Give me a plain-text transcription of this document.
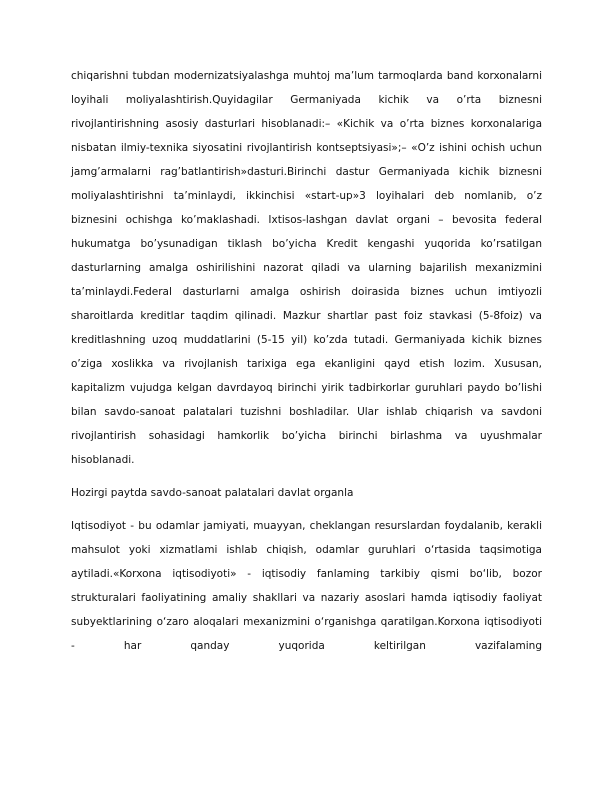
chiqarishni tubdan modernizatsiyalashga muhtoj ma’lum tarmoqlarda band korxonalarni loyihali moliyalashtirish.Quyidagilar Germaniyada kichik va o’rta biznesni rivojlantirishning asosiy dasturlari hisoblanadi:– «Kichik va o’rta biznes korxonalariga nisbatan ilmiy-texnika siyosatini rivojlantirish kontseptsiyasi»;– «O’z ishini ochish uchun jamg’armalarni rag’batlantirish»dasturi.Birinchi dastur Germaniyada kichik biznesni moliyalashtirishni ta’minlaydi, ikkinchisi «start-up»3 loyihalari deb nomlanib, o’z biznesini ochishga ko’maklashadi. Ixtisos-lashgan davlat organi – bevosita federal hukumatga bo’ysunadigan tiklash bo’yicha Kredit kengashi yuqorida ko’rsatilgan dasturlarning amalga oshirilishini nazorat qiladi va ularning bajarilish mexanizmini ta’minlaydi.Federal dasturlarni amalga oshirish doirasida biznes uchun imtiyozli sharoitlarda kreditlar taqdim qilinadi. Mazkur shartlar past foiz stavkasi (5-8foiz) va kreditlashning uzoq muddatlarini (5-15 yil) ko’zda tutadi. Germaniyada kichik biznes o’ziga xoslikka va rivojlanish tarixiga ega ekanligini qayd etish lozim. Xususan, kapitalizm vujudga kelgan davrdayoq birinchi yirik tadbirkorlar guruhlari paydo bo’lishi bilan savdo-sanoat palatalari tuzishni boshladilar. Ular ishlab chiqarish va savdoni rivojlantirish sohasidagi hamkorlik bo’yicha birinchi birlashma va uyushmalar hisoblanadi.

Hozirgi paytda savdo-sanoat palatalari davlat organla

Iqtisodiyot - bu odamlar jamiyati, muayyan, cheklangan resurslardan foydalanib, kerakli mahsulot yoki xizmatlami ishlab chiqish, odamlar guruhlari o‘rtasida taqsimotiga aytiladi.«Korxona iqtisodiyoti» - iqtisodiy fanlaming tarkibiy qismi bo‘lib, bozor strukturalari faoliyatining amaliy shakllari va nazariy asoslari hamda iqtisodiy faoliyat subyektlarining o‘zaro aloqalari mexanizmini o‘rganishga qaratilgan.Korxona iqtisodiyoti - har qanday yuqorida keltirilgan vazifalaming
